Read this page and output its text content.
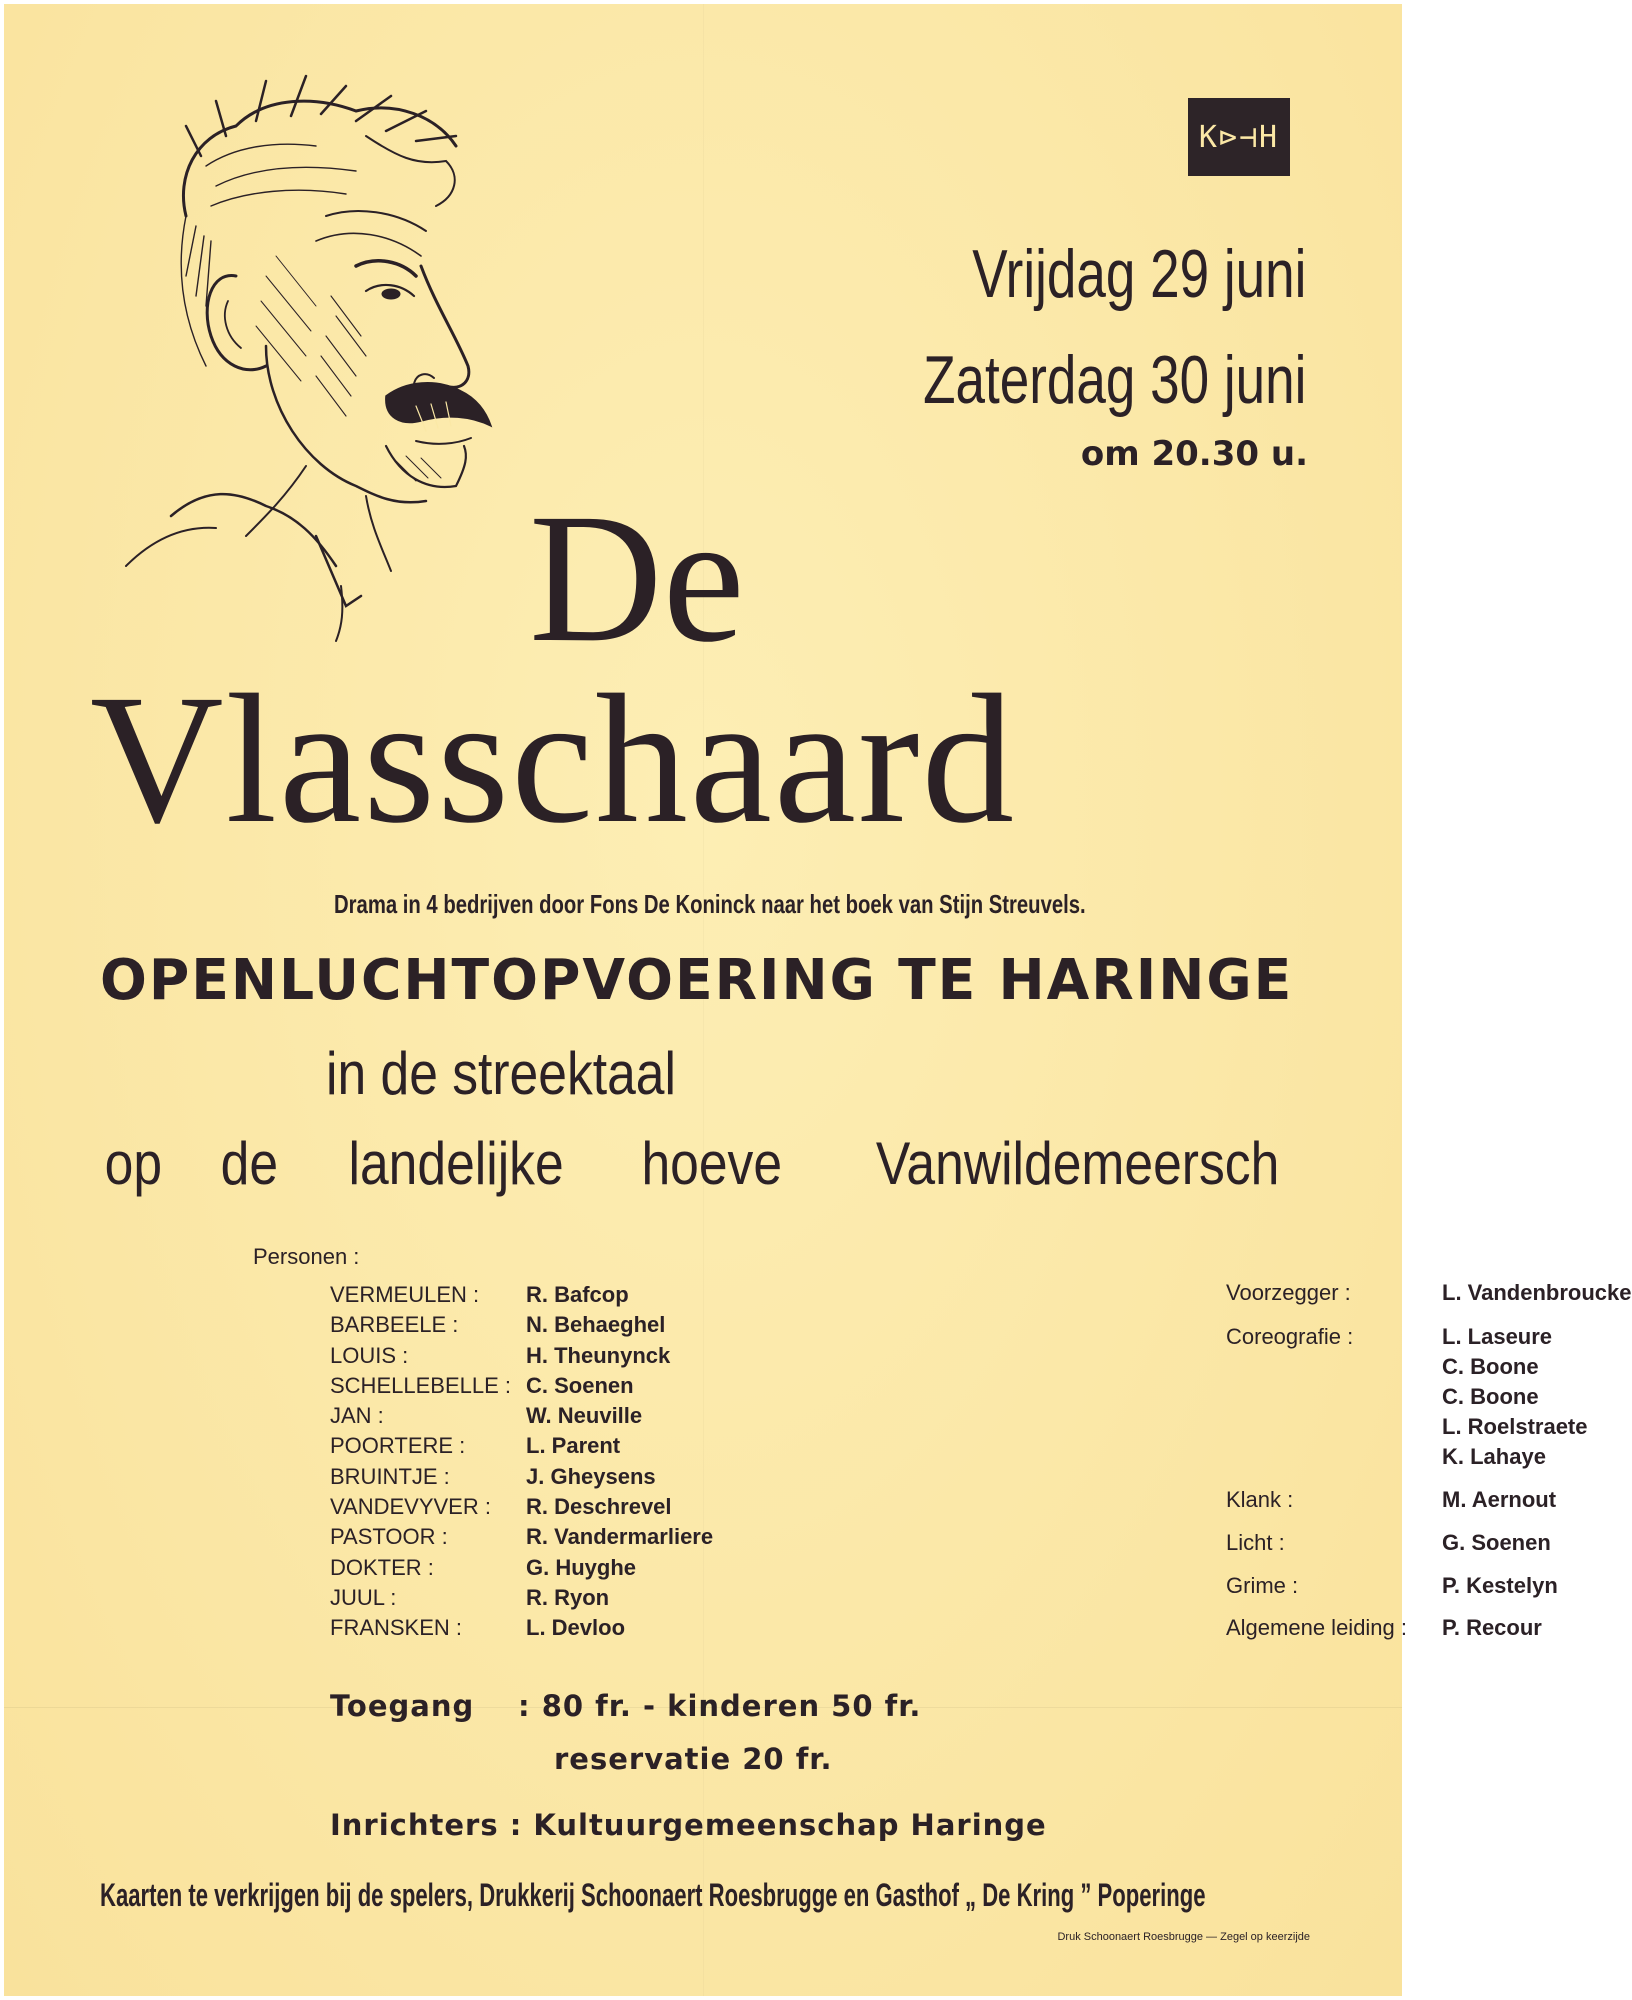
K⊳⊣H
Vrijdag 29 juni
Zaterdag 30 juni
om 20.30 u.
De
Vlasschaard
Drama in 4 bedrijven door Fons De Koninck naar het boek van Stijn Streuvels.
OPENLUCHTOPVOERING TE HARINGE
in de streektaal
op de landelijke hoeve Vanwildemeersch
Personen :
VERMEULEN : R. Bafcop
BARBEELE :	N. Behaeghel
LOUIS :	H. Theunynck
SCHELLEBELLE : C. Soenen
JAN :	W. Neuville
POORTERE :	L. Parent
BRUINTJE :	J. Gheysens
VANDEVYVER : R. Deschrevel
PASTOOR :	R. Vandermarliere
DOKTER :	G. Huyghe
JUUL :	R. Ryon
FRANSKEN :	L. Devloo
Voorzegger :	L. Vandenbroucke
Coreografie :	L. Laseure
C. Boone
C. Boone
L. Roelstraete
K. Lahaye
Klank :	M. Aernout
Licht :	G. Soenen
Grime :	P. Kestelyn
Algemene leiding : P. Recour
Toegang : 80 fr. - kinderen 50 fr.
reservatie 20 fr.
Inrichters : Kultuurgemeenschap Haringe
Kaarten te verkrijgen bij de spelers, Drukkerij Schoonaert Roesbrugge en Gasthof „ De Kring ” Poperinge
Druk Schoonaert Roesbrugge — Zegel op keerzijde
